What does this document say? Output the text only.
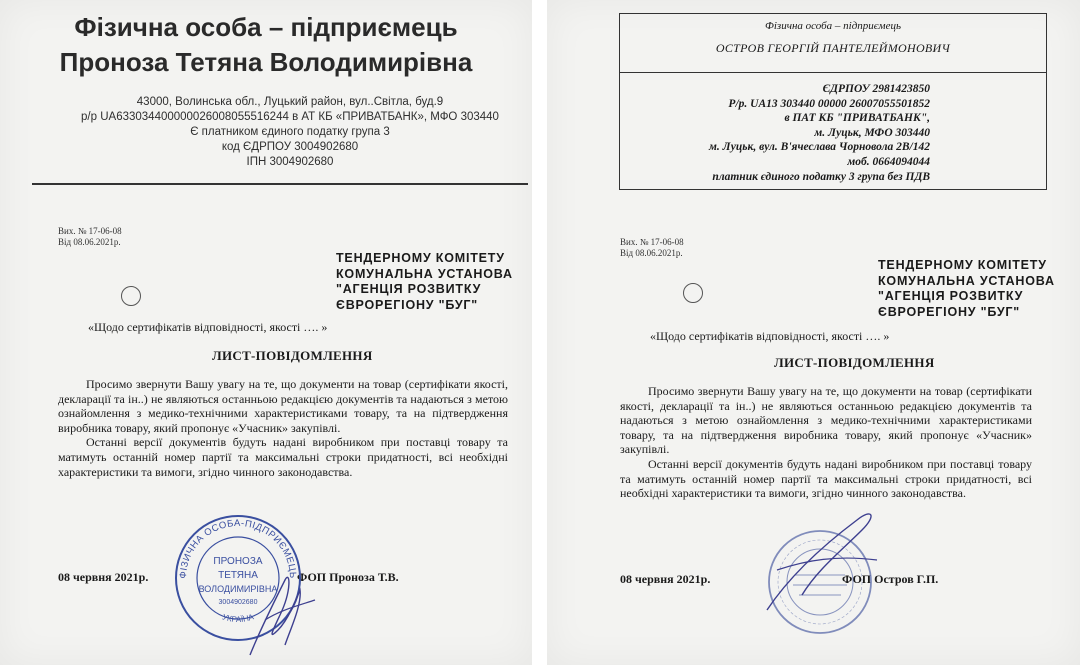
Фізична особа – підприємець
Проноза Тетяна Володимирівна
43000, Волинська обл., Луцький район, вул..Світла, буд.9
р/р UA633034400000026008055516244 в АТ КБ «ПРИВАТБАНК», МФО 303440
Є платником єдиного податку група 3
код ЄДРПОУ 3004902680
ІПН 3004902680
Вих. № 17-06-08
Від 08.06.2021р.
ТЕНДЕРНОМУ КОМІТЕТУ
КОМУНАЛЬНА УСТАНОВА
"АГЕНЦІЯ РОЗВИТКУ
ЄВРОРЕГІОНУ "БУГ"
«Щодо сертифікатів відповідності, якості …. »
ЛИСТ-ПОВІДОМЛЕННЯ

Просимо звернути Вашу увагу на те, що документи на товар (сертифікати якості, декларації та ін..) не являються останньою редакцією документів та надаються з метою ознайомлення з медико-технічними характеристиками товару, та на підтвердження виробника товару, який пропонує «Учасник» закупівлі.

Останні версії документів будуть надані виробником при поставці товару та матимуть останній номер партії та максимальні строки придатності, всі необхідні характеристики та вимоги, згідно чинного законодавства.

08 червня 2021р.	ФОП Проноза Т.В.
ФІЗИЧНА ОСОБА-ПІДПРИЄМЕЦЬ
УКРАЇНА
ПРОНОЗА
ТЕТЯНА
ВОЛОДИМИРІВНА
3004902680
Фізична особа – підприємець
ОСТРОВ ГЕОРГІЙ ПАНТЕЛЕЙМОНОВИЧ
ЄДРПОУ 2981423850
Р/р. UA13 303440 00000 26007055501852
в ПАТ КБ "ПРИВАТБАНК",
м. Луцьк, МФО 303440
м. Луцьк, вул. В'ячеслава Чорновола 2В/142
моб. 0664094044
платник єдиного податку 3 група без ПДВ
Вих. № 17-06-08
Від 08.06.2021р.
ТЕНДЕРНОМУ КОМІТЕТУ
КОМУНАЛЬНА УСТАНОВА
"АГЕНЦІЯ РОЗВИТКУ
ЄВРОРЕГІОНУ "БУГ"
«Щодо сертифікатів відповідності, якості …. »
ЛИСТ-ПОВІДОМЛЕННЯ

Просимо звернути Вашу увагу на те, що документи на товар (сертифікати якості, декларації та ін..) не являються останньою редакцією документів та надаються з метою ознайомлення з медико-технічними характеристиками товару, та на підтвердження виробника товару, який пропонує «Учасник» закупівлі.

Останні версії документів будуть надані виробником при поставці товару та матимуть останній номер партії та максимальні строки придатності, всі необхідні характеристики та вимоги, згідно чинного законодавства.

08 червня 2021р.	ФОП Остров Г.П.
